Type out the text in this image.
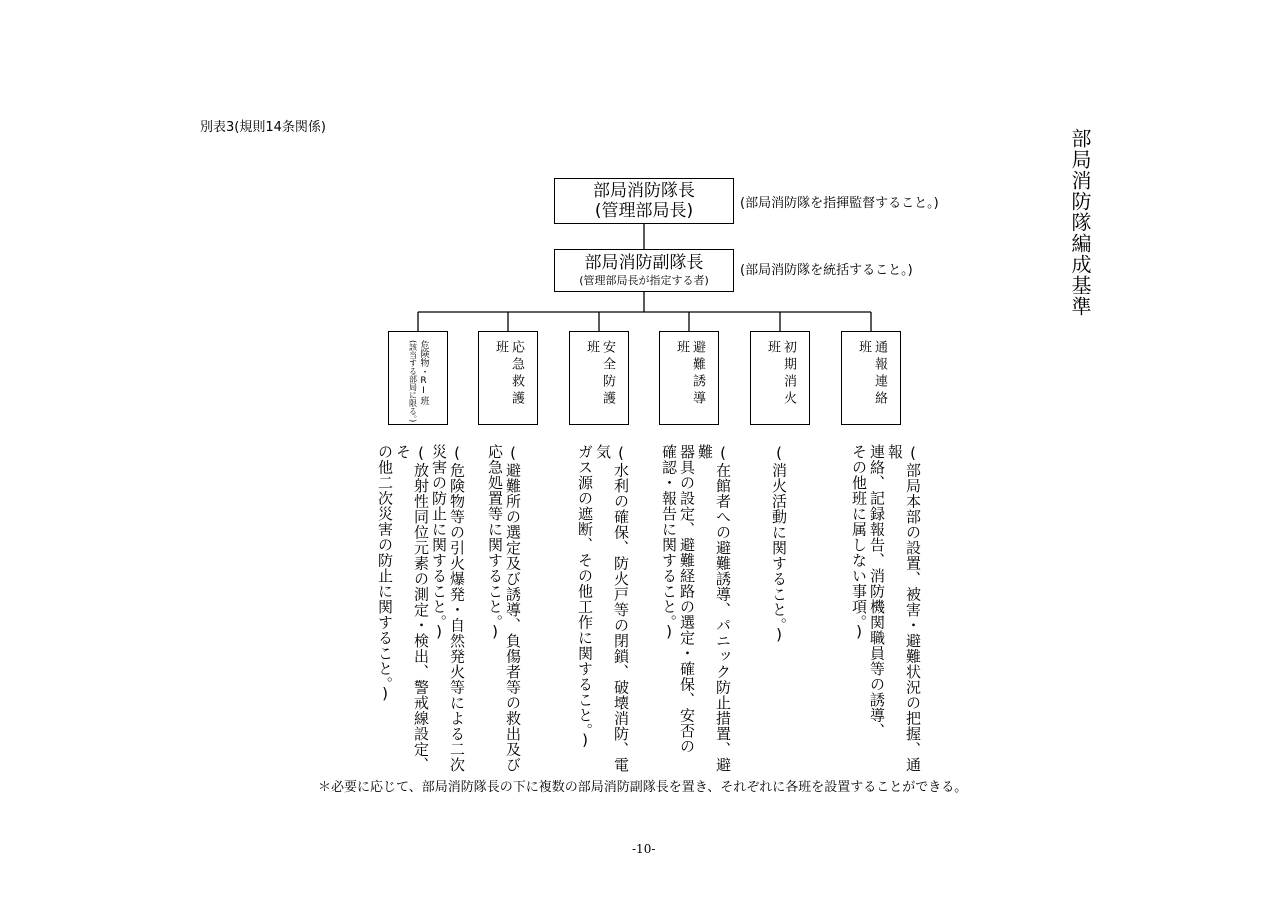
別表3(規則14条関係)
部局消防隊編成基準
部局消防隊長
(管理部局長)	(部局消防隊を指揮監督すること。)
部局消防副隊長
(管理部局長が指定する者)
(部局消防隊を統括すること。)
危険物・RI班
(該当する部局に限る。)	応急救護班	安全防護班	避難誘導班	初期消火班	通報連絡班
(危険物等の引火爆発・自然発火等による二次
災害の防止に関すること。)
(放射性同位元素の測定・検出、警戒線設定、そ
の他二次災害の防止に関すること。)	(避難所の選定及び誘導、負傷者等の救出及び
応急処置等に関すること。)	(水利の確保、防火戸等の閉鎖、破壊消防、電気
ガス源の遮断、その他工作に関すること。)	(在館者への避難誘導、パニック防止措置、避難
器具の設定、避難経路の選定・確保、安否の
確認・報告に関すること。)	(消火活動に関すること。)	(部局本部の設置、被害・避難状況の把握、通報
連絡、記録報告、消防機関職員等の誘導、
その他班に属しない事項。)
＊必要に応じて、部局消防隊長の下に複数の部局消防副隊長を置き、それぞれに各班を設置することができる。
-10-
